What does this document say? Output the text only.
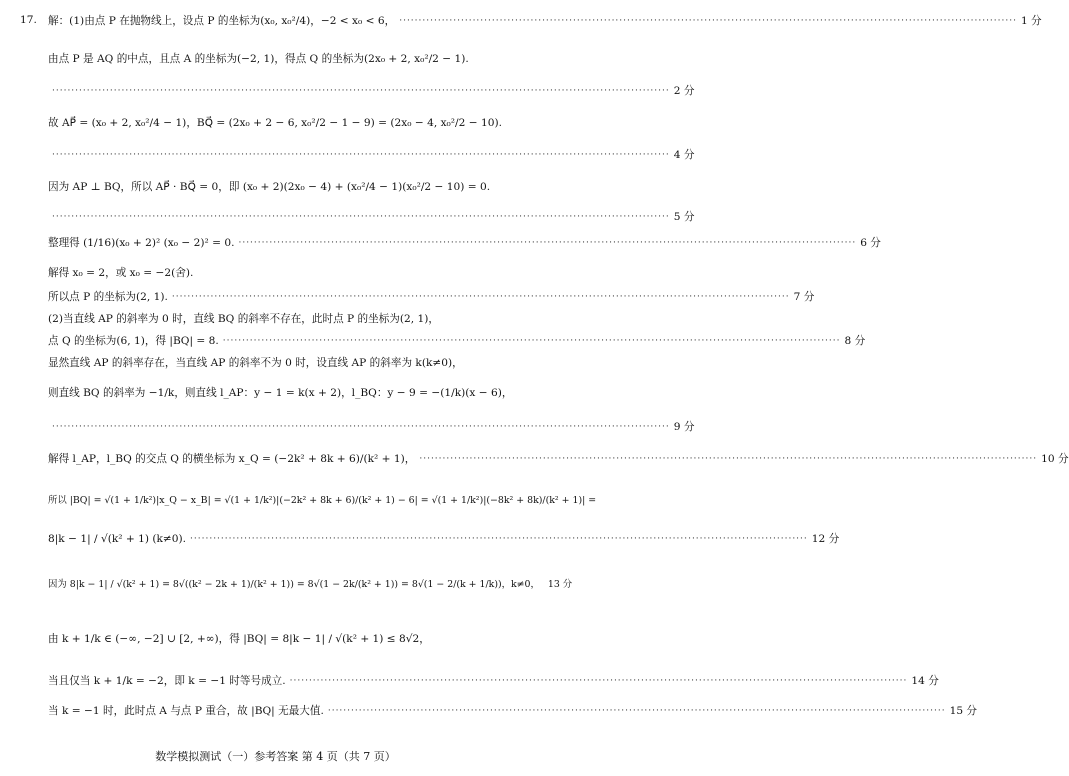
17. 解：(1)由点 P 在抛物线上，设点 P 的坐标为(x₀, x₀²/4)，−2 < x₀ < 6， ·····	1 分
由点 P 是 AQ 的中点，且点 A 的坐标为(−2, 1)，得点 Q 的坐标为(2x₀ + 2, x₀²/2 − 1).
·····
2 分
故 AP⃗ = (x₀ + 2, x₀²/4 − 1)，BQ⃗ = (2x₀ + 2 − 6, x₀²/2 − 1 − 9) = (2x₀ − 4, x₀²/2 − 10).
·····
4 分
因为 AP ⊥ BQ，所以 AP⃗ · BQ⃗ = 0，即 (x₀ + 2)(2x₀ − 4) + (x₀²/4 − 1)(x₀²/2 − 10) = 0.
·····
5 分
整理得 (1/16)(x₀ + 2)² (x₀ − 2)² = 0. ·····	6 分
解得 x₀ = 2，或 x₀ = −2(舍).
所以点 P 的坐标为(2, 1). ·····	7 分
(2)当直线 AP 的斜率为 0 时，直线 BQ 的斜率不存在，此时点 P 的坐标为(2, 1)，
点 Q 的坐标为(6, 1)，得 |BQ| = 8. ·····	8 分
显然直线 AP 的斜率存在，当直线 AP 的斜率不为 0 时，设直线 AP 的斜率为 k(k≠0)，
则直线 BQ 的斜率为 −1/k，则直线 l_AP：y − 1 = k(x + 2)，l_BQ：y − 9 = −(1/k)(x − 6)，
·····
9 分
解得 l_AP，l_BQ 的交点 Q 的横坐标为 x_Q = (−2k² + 8k + 6)/(k² + 1)， ·····	10 分
所以 |BQ| = √(1 + 1/k²)|x_Q − x_B| = √(1 + 1/k²)|(−2k² + 8k + 6)/(k² + 1) − 6| = √(1 + 1/k²)|(−8k² + 8k)/(k² + 1)| =
8|k − 1| / √(k² + 1) (k≠0). ·····	12 分
因为 8|k − 1| / √(k² + 1) = 8√((k² − 2k + 1)/(k² + 1)) = 8√(1 − 2k/(k² + 1)) = 8√(1 − 2/(k + 1/k))，k≠0， 13 分
由 k + 1/k ∈ (−∞, −2] ∪ [2, +∞)，得 |BQ| = 8|k − 1| / √(k² + 1) ≤ 8√2，
当且仅当 k + 1/k = −2，即 k = −1 时等号成立. ·····	14 分
当 k = −1 时，此时点 A 与点 P 重合，故 |BQ| 无最大值. ·····	15 分
数学模拟测试（一）参考答案 第 4 页（共 7 页）
